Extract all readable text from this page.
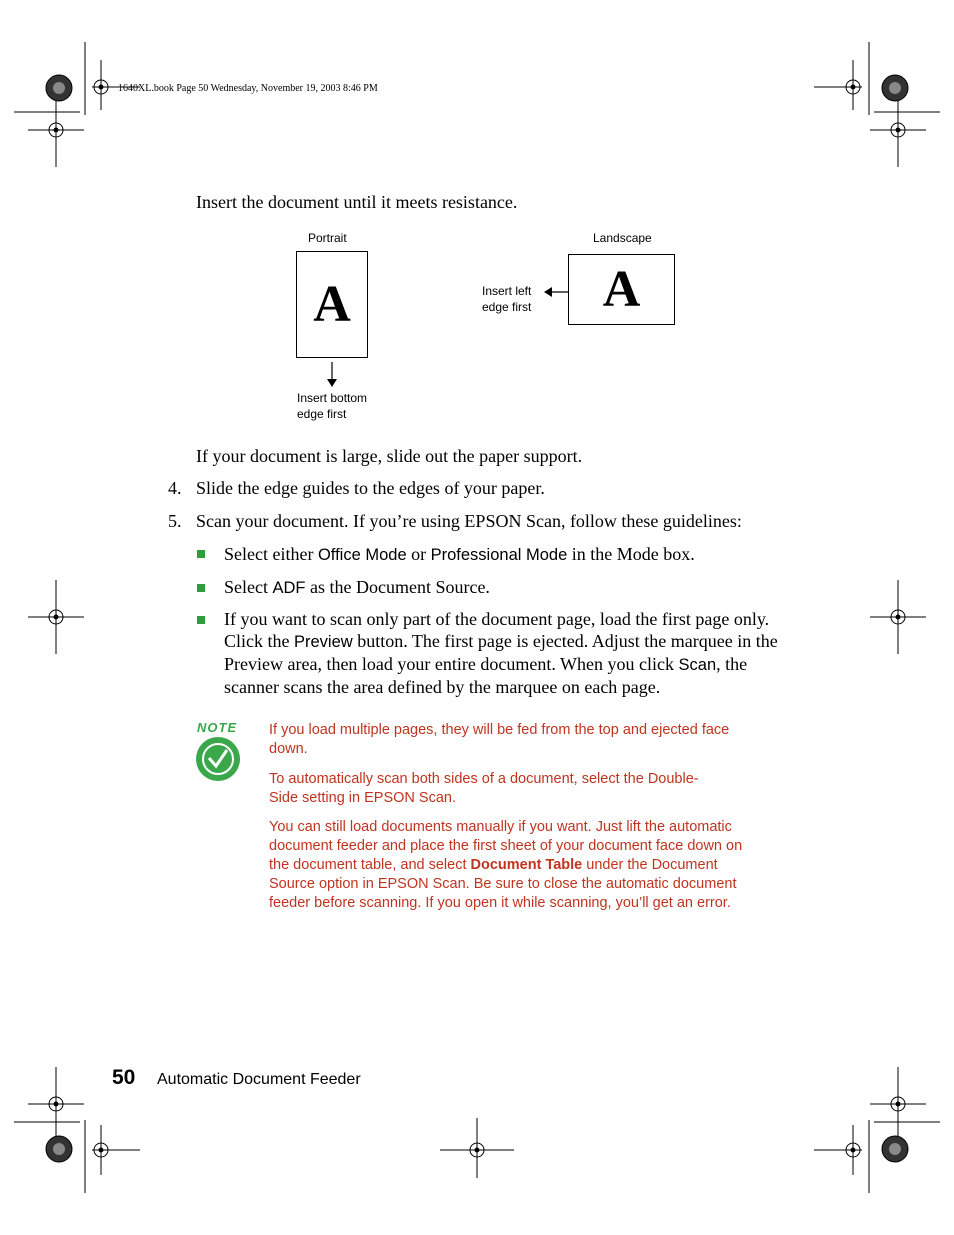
1640XL.book Page 50 Wednesday, November 19, 2003 8:46 PM
Insert the document until it meets resistance.
Portrait	Landscape
A	A
Insert bottom
edge first
Insert left
edge first
If your document is large, slide out the paper support.
4. Slide the edge guides to the edges of your paper.
5. Scan your document. If you’re using EPSON Scan, follow these guidelines:
Select either Office Mode or Professional Mode in the Mode box.
Select ADF as the Document Source.
If you want to scan only part of the document page, load the first page only.
Click the Preview button. The first page is ejected. Adjust the marquee in the
Preview area, then load your entire document. When you click Scan, the
scanner scans the area defined by the marquee on each page.
NOTE If you load multiple pages, they will be fed from the top and ejected face down.

To automatically scan both sides of a document, select the Double-Side setting in EPSON Scan.

You can still load documents manually if you want. Just lift the automatic document feeder and place the first sheet of your document face down on the document table, and select Document Table under the Document Source option in EPSON Scan. Be sure to close the automatic document feeder before scanning. If you open it while scanning, you’ll get an error.

50 Automatic Document Feeder
